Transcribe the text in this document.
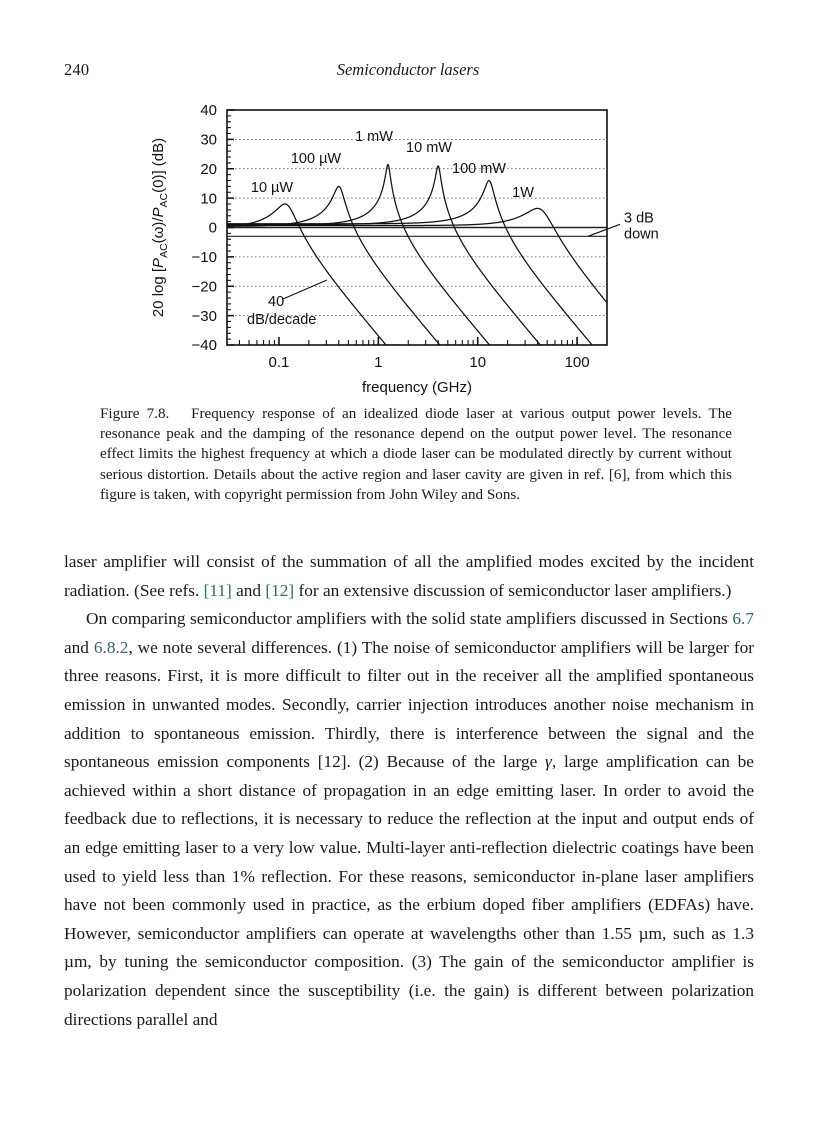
240	Semiconductor lasers
−40
−30
−20
−10
0
10
20
30
40
0.1	1	10	100
frequency (GHz)
20 $\log [P_{AC}(\omega)/P_{AC}(0)]$ (dB)	10 µW
100 µW
1 mW
10 mW
100 mW
1W
3 dB
down
40
dB/decade
Figure 7.8. Frequency response of an idealized diode laser at various output power levels. The resonance peak and the damping of the resonance depend on the output power level. The resonance effect limits the highest frequency at which a diode laser can be modulated directly by current without serious distortion. Details about the active region and laser cavity are given in ref. [6], from which this figure is taken, with copyright permission from John Wiley and Sons.

laser amplifier will consist of the summation of all the amplified modes excited by the incident radiation. (See refs. [11] and [12] for an extensive discussion of semiconductor laser amplifiers.)

On comparing semiconductor amplifiers with the solid state amplifiers discussed in Sections 6.7 and 6.8.2, we note several differences. (1) The noise of semiconductor amplifiers will be larger for three reasons. First, it is more difficult to filter out in the receiver all the amplified spontaneous emission in unwanted modes. Secondly, carrier injection introduces another noise mechanism in addition to spontaneous emission. Thirdly, there is interference between the signal and the spontaneous emission components [12]. (2) Because of the large γ, large amplification can be achieved within a short distance of propagation in an edge emitting laser. In order to avoid the feedback due to reflections, it is necessary to reduce the reflection at the input and output ends of an edge emitting laser to a very low value. Multi-layer anti-reflection dielectric coatings have been used to yield less than 1% reflection. For these reasons, semiconductor in-plane laser amplifiers have not been commonly used in practice, as the erbium doped fiber amplifiers (EDFAs) have. However, semiconductor amplifiers can operate at wavelengths other than 1.55 µm, such as 1.3 µm, by tuning the semiconductor composition. (3) The gain of the semiconductor amplifier is polarization dependent since the susceptibility (i.e. the gain) is different between polarization directions parallel and
